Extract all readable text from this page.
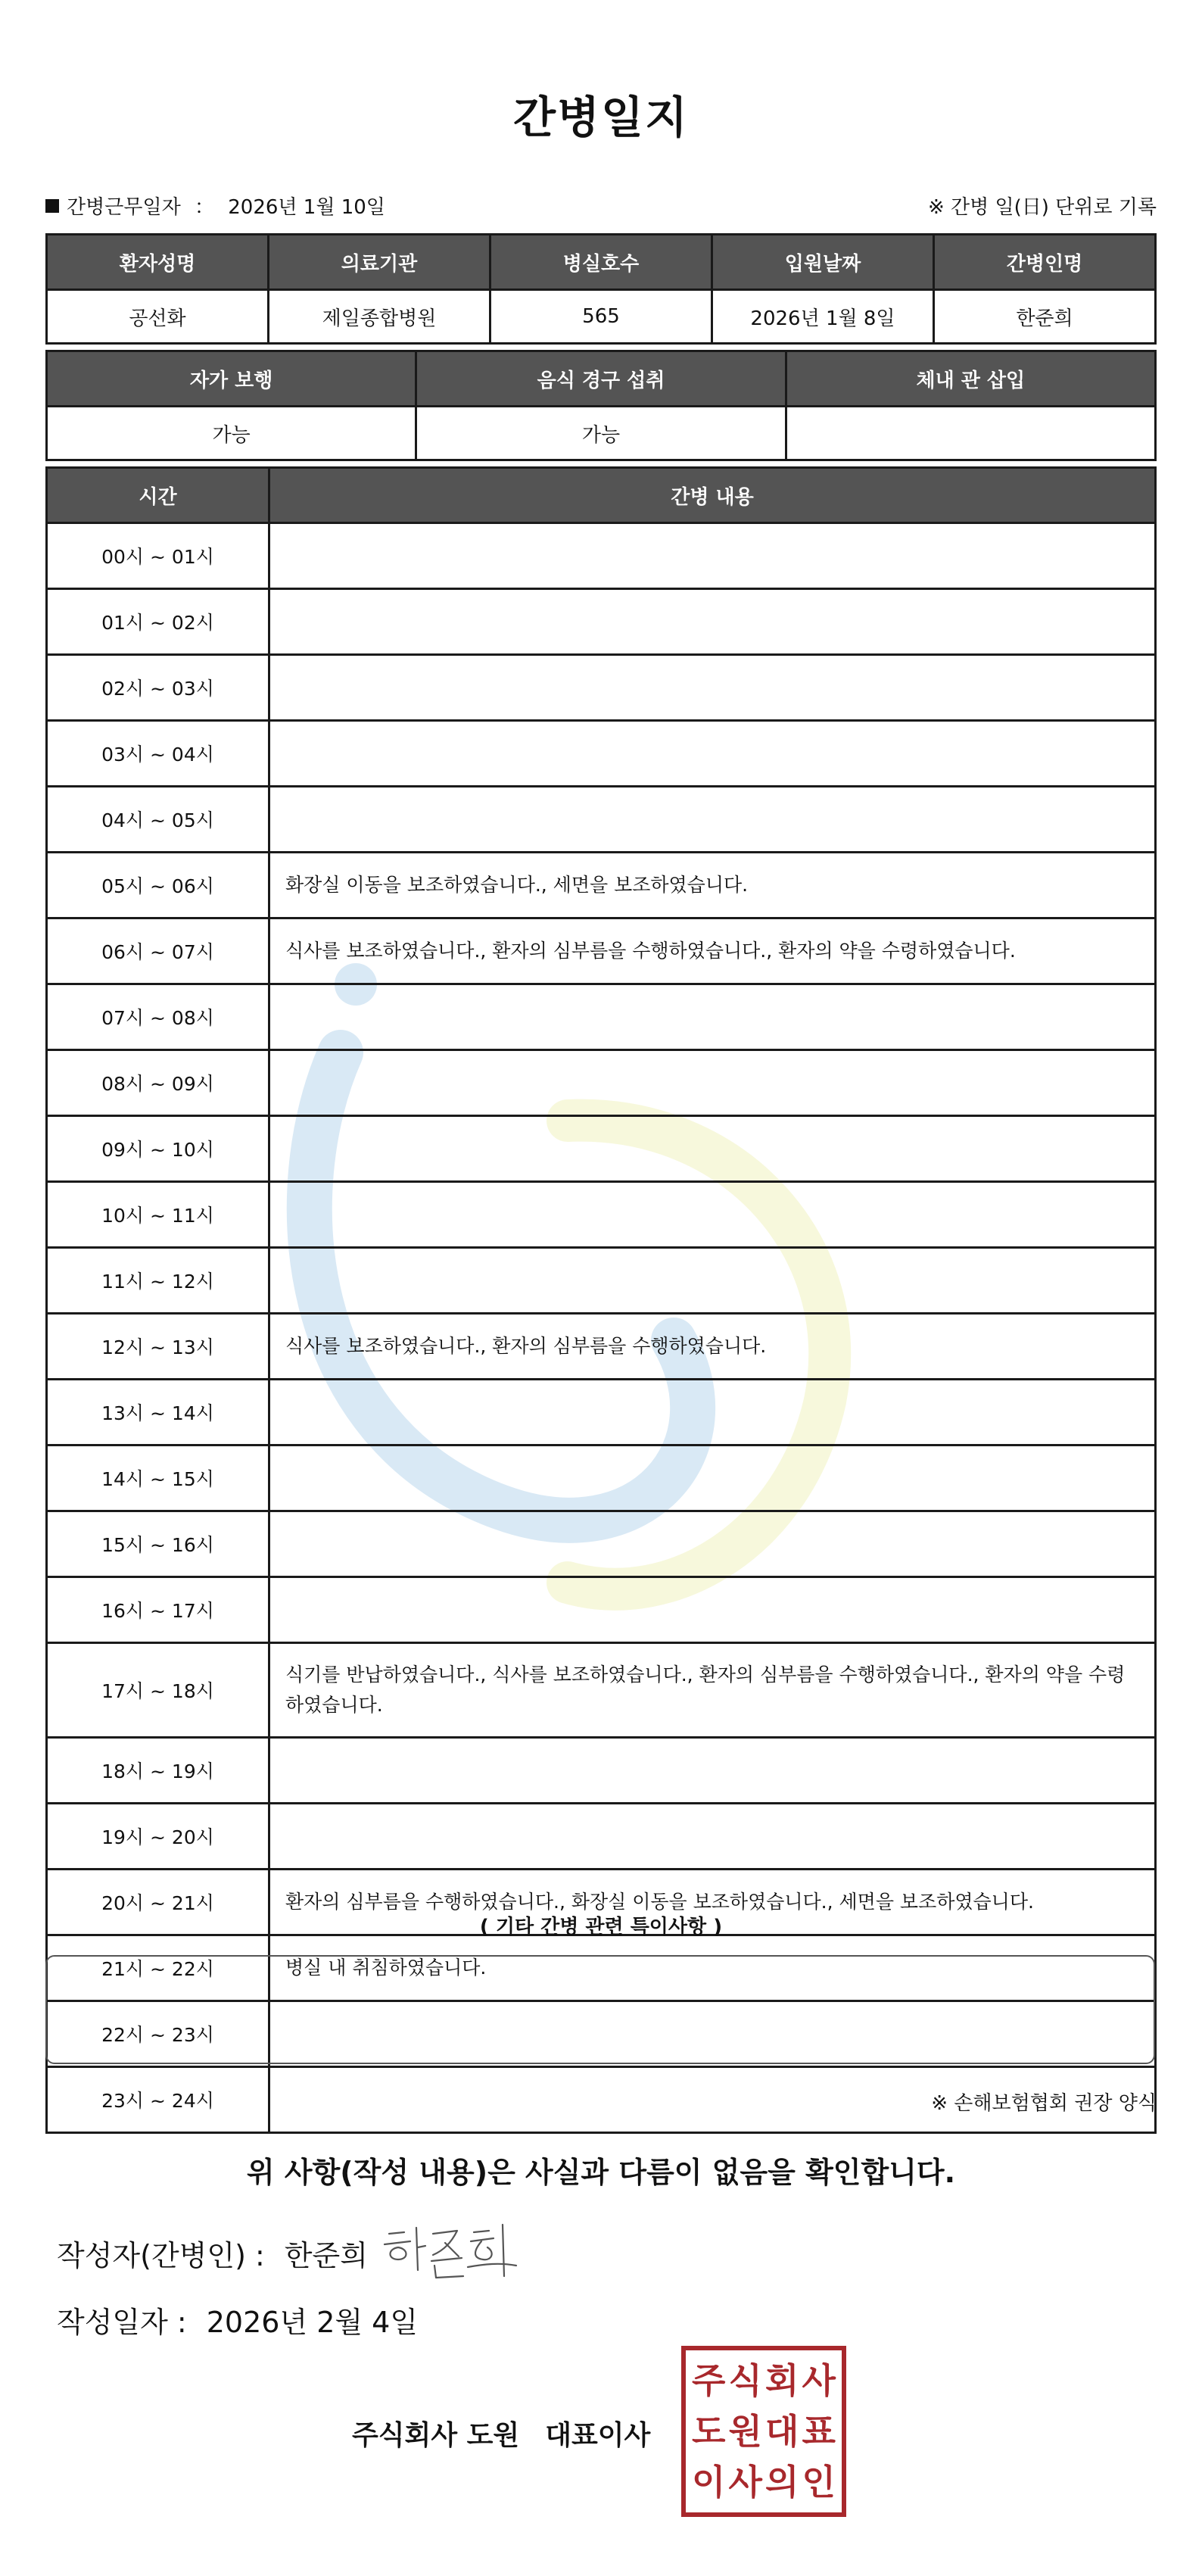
간병일지
간병근무일자 ： 2026년 1월 10일	※ 간병 일(日) 단위로 기록
환자성명	의료기관	병실호수	입원날짜	간병인명
공선화	제일종합병원	565	2026년 1월 8일	한준희
자가 보행	음식 경구 섭취	체내 관 삽입
가능	가능	
시간	간병 내용
00시 ~ 01시	
01시 ~ 02시	
02시 ~ 03시	
03시 ~ 04시	
04시 ~ 05시	
05시 ~ 06시	화장실 이동을 보조하였습니다., 세면을 보조하였습니다.
06시 ~ 07시	식사를 보조하였습니다., 환자의 심부름을 수행하였습니다., 환자의 약을 수령하였습니다.
07시 ~ 08시	
08시 ~ 09시	
09시 ~ 10시	
10시 ~ 11시	
11시 ~ 12시	
12시 ~ 13시	식사를 보조하였습니다., 환자의 심부름을 수행하였습니다.
13시 ~ 14시	
14시 ~ 15시	
15시 ~ 16시	
16시 ~ 17시	
17시 ~ 18시	식기를 반납하였습니다., 식사를 보조하였습니다., 환자의 심부름을 수행하였습니다., 환자의 약을 수령하였습니다.
18시 ~ 19시	
19시 ~ 20시	
20시 ~ 21시	환자의 심부름을 수행하였습니다., 화장실 이동을 보조하였습니다., 세면을 보조하였습니다.
21시 ~ 22시	병실 내 취침하였습니다.
22시 ~ 23시	
23시 ~ 24시	
( 기타 간병 관련 특이사항 )
※ 손해보험협회 권장 양식
위 사항(작성 내용)은 사실과 다름이 없음을 확인합니다.
작성자(간병인) : 한준희
작성일자 : 2026년 2월 4일
주식회사 도원 대표이사
주 식 회 사
도 원 대 표
이 사 의 인
